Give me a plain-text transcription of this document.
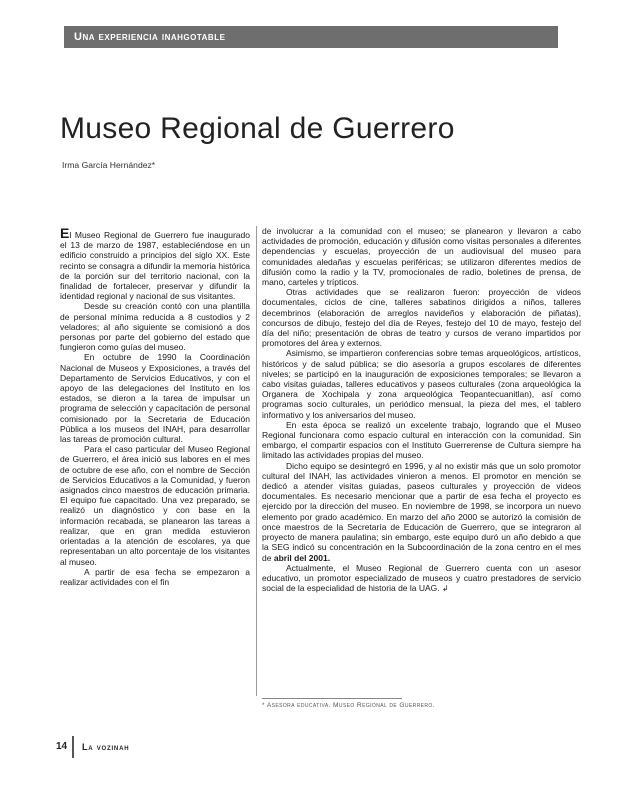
Una experiencia inahgotable
Museo Regional de Guerrero
Irma García Hernández*

El Museo Regional de Guerrero fue inaugurado el 13 de marzo de 1987, estableciéndose en un edificio construido a principios del siglo XX. Este recinto se consagra a difundir la memoria histórica de la porción sur del territorio nacional, con la finalidad de fortalecer, preservar y difundir la identidad regional y nacional de sus visitantes.

Desde su creación contó con una plantilla de personal mínima reducida a 8 custodios y 2 veladores; al año siguiente se comisionó a dos personas por parte del gobierno del estado que fungieron como guías del museo.

En octubre de 1990 la Coordinación Nacional de Museos y Exposiciones, a través del Departamento de Servicios Educativos, y con el apoyo de las delegaciones del Instituto en los estados, se dieron a la tarea de impulsar un programa de selección y capacitación de personal comisionado por la Secretaria de Educación Pública a los museos del INAH, para desarrollar las tareas de promoción cultural.

Para el caso particular del Museo Regional de Guerrero, el área inició sus labores en el mes de octubre de ese año, con el nombre de Sección de Servicios Educativos a la Comunidad, y fueron asignados cinco maestros de educación primaria. El equipo fue capacitado. Una vez preparado, se realizó un diagnóstico y con base en la información recabada, se planearon las tareas a realizar, que en gran medida estuvieron orientadas a la atención de escolares, ya que representaban un alto porcentaje de los visitantes al museo.

A partir de esa fecha se empezaron a realizar actividades con el fin

de involucrar a la comunidad con el museo; se planearon y llevaron a cabo actividades de promoción, educación y difusión como visitas personales a diferentes dependencias y escuelas, proyección de un audiovisual del museo para comunidades aledañas y escuelas periféricas; se utilizaron diferentes medios de difusión como la radio y la TV, promocionales de radio, boletines de prensa, de mano, carteles y trípticos.

Otras actividades que se realizaron fueron: proyección de videos documentales, ciclos de cine, talleres sabatinos dirigidos a niños, talleres decembrinos (elaboración de arreglos navideños y elaboración de piñatas), concursos de dibujo, festejo del día de Reyes, festejo del 10 de mayo, festejo del día del niño; presentación de obras de teatro y cursos de verano impartidos por promotores del área y externos.

Asimismo, se impartieron conferencias sobre temas arqueológicos, artísticos, históricos y de salud pública; se dio asesoría a grupos escolares de diferentes niveles; se participó en la inauguración de exposiciones temporales; se llevaron a cabo visitas guiadas, talleres educativos y paseos culturales (zona arqueológica la Organera de Xochipala y zona arqueológica Teopantecuanitlan), así como programas socio culturales, un periódico mensual, la pieza del mes, el tablero informativo y los aniversarios del museo.

En esta época se realizó un excelente trabajo, logrando que el Museo Regional funcionara como espacio cultural en interacción con la comunidad. Sin embargo, el compartir espacios con el Instituto Guerrerense de Cultura siempre ha limitado las actividades propias del museo.

Dicho equipo se desintegró en 1996, y al no existir más que un solo promotor cultural del INAH, las actividades vinieron a menos. El promotor en mención se dedicó a atender visitas guiadas, paseos culturales y proyección de videos documentales. Es necesario mencionar que a partir de esa fecha el proyecto es ejercido por la dirección del museo. En noviembre de 1998, se incorpora un nuevo elemento por grado académico. En marzo del año 2000 se autorizó la comisión de once maestros de la Secretaría de Educación de Guerrero, que se integraron al proyecto de manera paulatina; sin embargo, este equipo duró un año debido a que la SEG indicó su concentración en la Subcoordinación de la zona centro en el mes de abril del 2001.

Actualmente, el Museo Regional de Guerrero cuenta con un asesor educativo, un promotor especializado de museos y cuatro prestadores de servicio social de la especialidad de historia de la UAG. ↲

* Asesora educativa. Museo Regional de Guerrero.
14 La vozinah
